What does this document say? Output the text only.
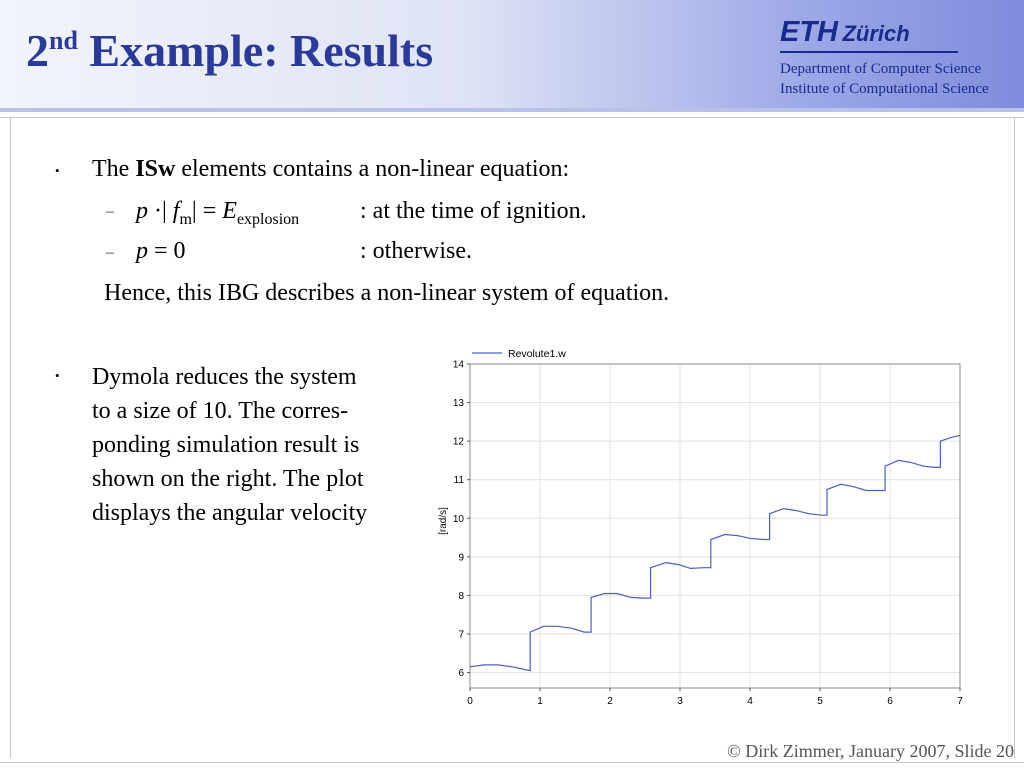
2nd Example: Results	ETH Zürich
Department of Computer Science
Institute of Computational Science
• The ISw elements contains a non-linear equation:
– p ·| $f_m| = E_{explosion}$	: at the time of ignition.
– p = 0	: otherwise.
Hence, this IBG describes a non-linear system of equation.
• Dymola reduces the system
to a size of 10. The corres-
ponding simulation result is
shown on the right. The plot
displays the angular velocity
6
7
8
9
10
11
12
13
14
0	1	2	3	4	5	6	7
[rad/s]
Revolute1.w
© Dirk Zimmer, January 2007, Slide 20
